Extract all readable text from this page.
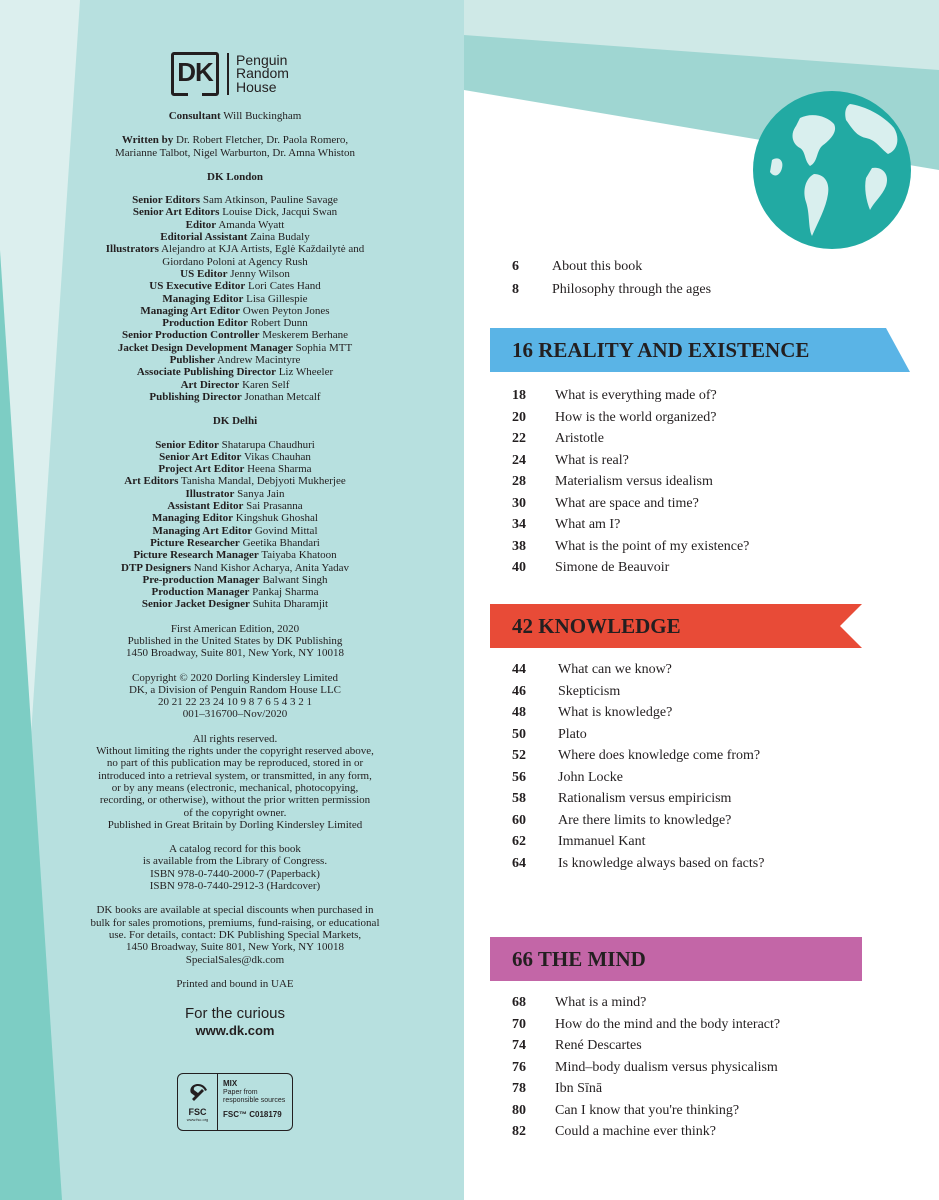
DK	Penguin
Random
House
Consultant Will Buckingham
Written by Dr. Robert Fletcher, Dr. Paola Romero,
Marianne Talbot, Nigel Warburton, Dr. Amna Whiston
DK London
Senior Editors Sam Atkinson, Pauline Savage
Senior Art Editors Louise Dick, Jacqui Swan
Editor Amanda Wyatt
Editorial Assistant Zaina Budaly
Illustrators Alejandro at KJA Artists, Eglė Každailytė and
Giordano Poloni at Agency Rush
US Editor Jenny Wilson
US Executive Editor Lori Cates Hand
Managing Editor Lisa Gillespie
Managing Art Editor Owen Peyton Jones
Production Editor Robert Dunn
Senior Production Controller Meskerem Berhane
Jacket Design Development Manager Sophia MTT
Publisher Andrew Macintyre
Associate Publishing Director Liz Wheeler
Art Director Karen Self
Publishing Director Jonathan Metcalf
DK Delhi
Senior Editor Shatarupa Chaudhuri
Senior Art Editor Vikas Chauhan
Project Art Editor Heena Sharma
Art Editors Tanisha Mandal, Debjyoti Mukherjee
Illustrator Sanya Jain
Assistant Editor Sai Prasanna
Managing Editor Kingshuk Ghoshal
Managing Art Editor Govind Mittal
Picture Researcher Geetika Bhandari
Picture Research Manager Taiyaba Khatoon
DTP Designers Nand Kishor Acharya, Anita Yadav
Pre-production Manager Balwant Singh
Production Manager Pankaj Sharma
Senior Jacket Designer Suhita Dharamjit
First American Edition, 2020
Published in the United States by DK Publishing
1450 Broadway, Suite 801, New York, NY 10018
Copyright © 2020 Dorling Kindersley Limited
DK, a Division of Penguin Random House LLC
20 21 22 23 24 10 9 8 7 6 5 4 3 2 1
001–316700–Nov/2020
All rights reserved.
Without limiting the rights under the copyright reserved above,
no part of this publication may be reproduced, stored in or
introduced into a retrieval system, or transmitted, in any form,
or by any means (electronic, mechanical, photocopying,
recording, or otherwise), without the prior written permission
of the copyright owner.
Published in Great Britain by Dorling Kindersley Limited
A catalog record for this book
is available from the Library of Congress.
ISBN 978-0-7440-2000-7 (Paperback)
ISBN 978-0-7440-2912-3 (Hardcover)
DK books are available at special discounts when purchased in
bulk for sales promotions, premiums, fund-raising, or educational
use. For details, contact: DK Publishing Special Markets,
1450 Broadway, Suite 801, New York, NY 10018
SpecialSales@dk.com
Printed and bound in UAE
For the curious
www.dk.com
FSC
www.fsc.org
MIX
Paper from
responsible sources
FSC™ C018179
6 About this book
8 Philosophy through the ages
16 REALITY AND EXISTENCE
18 What is everything made of?
20 How is the world organized?
22 Aristotle
24 What is real?
28 Materialism versus idealism
30 What are space and time?
34 What am I?
38 What is the point of my existence?
40 Simone de Beauvoir
42 KNOWLEDGE
44 What can we know?
46 Skepticism
48 What is knowledge?
50 Plato
52 Where does knowledge come from?
56 John Locke
58 Rationalism versus empiricism
60 Are there limits to knowledge?
62 Immanuel Kant
64 Is knowledge always based on facts?
66 THE MIND
68 What is a mind?
70 How do the mind and the body interact?
74 René Descartes
76 Mind–body dualism versus physicalism
78 Ibn Sīnā
80 Can I know that you're thinking?
82 Could a machine ever think?
